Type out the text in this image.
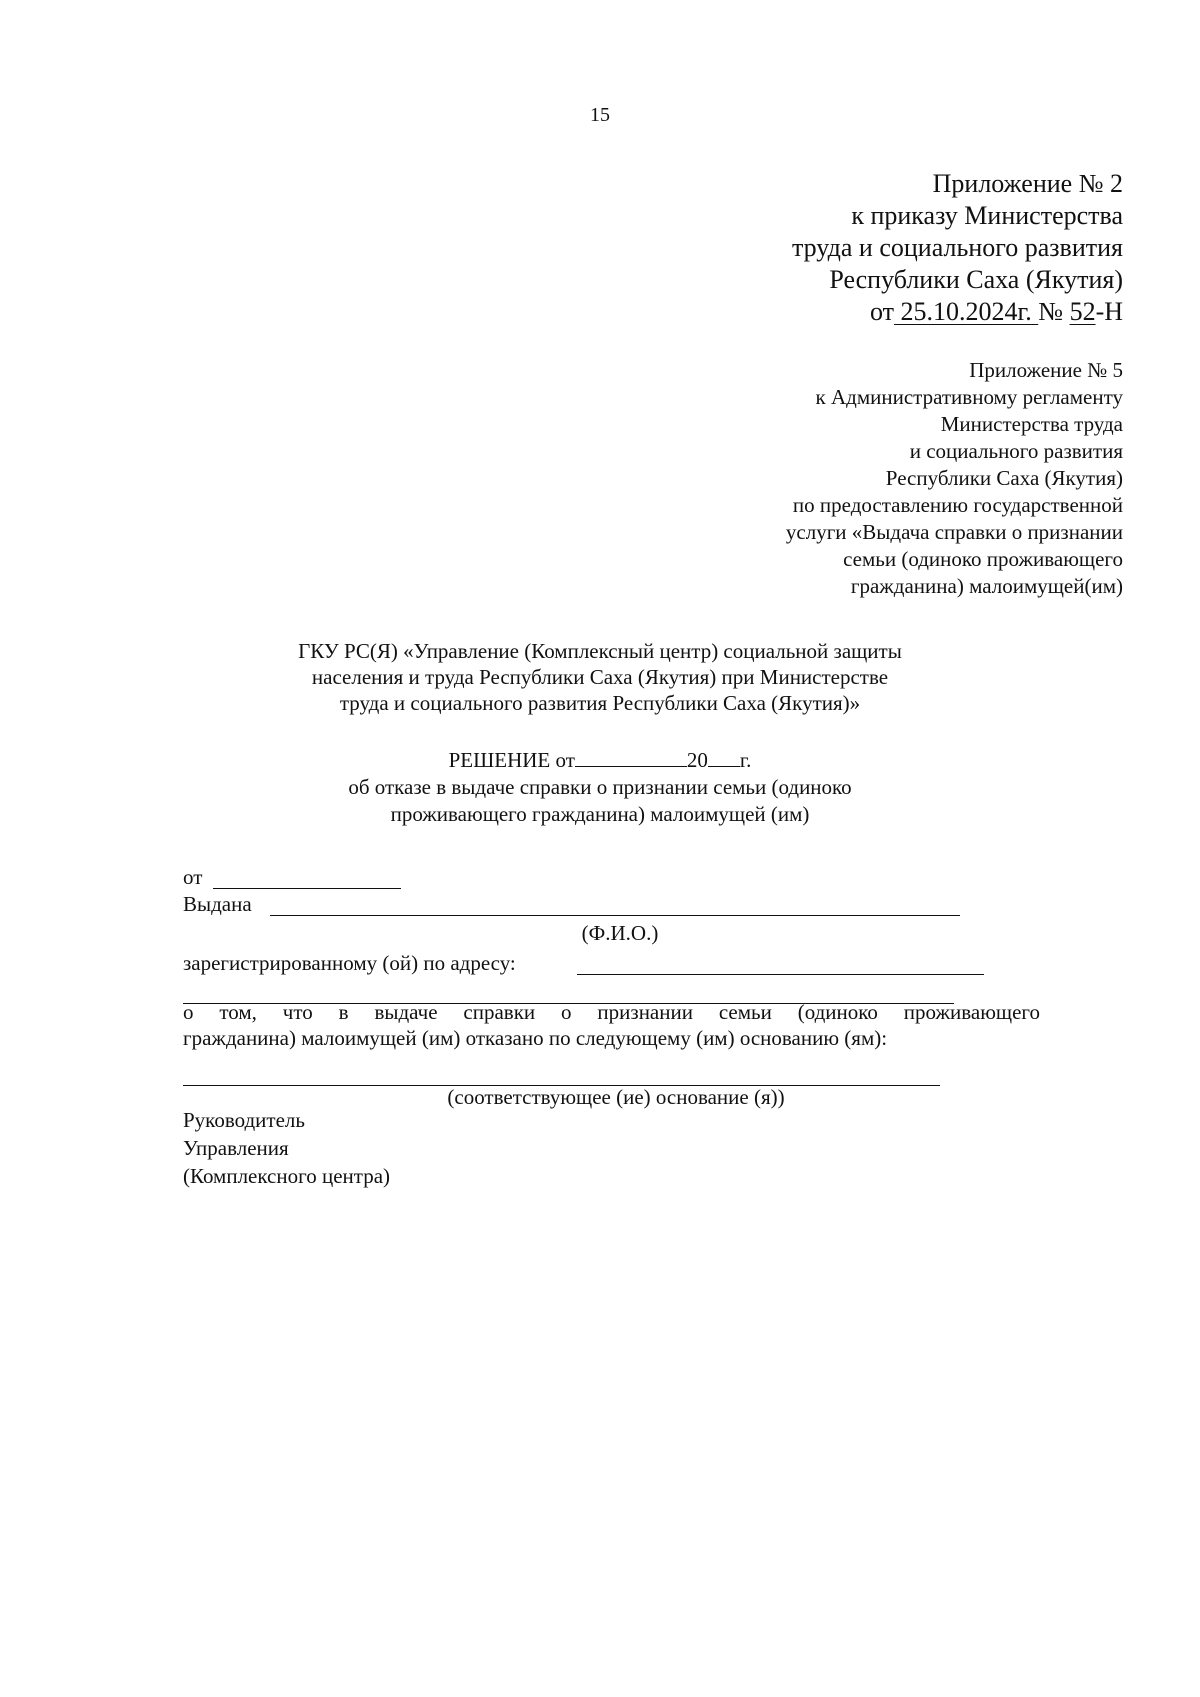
15
Приложение № 2
к приказу Министерства
труда и социального развития
Республики Саха (Якутия)
от 25.10.2024г. № 52-Н
Приложение № 5
к Административному регламенту
Министерства труда
и социального развития
Республики Саха (Якутия)
по предоставлению государственной
услуги «Выдача справки о признании
семьи (одиноко проживающего
гражданина) малоимущей(им)
ГКУ РС(Я) «Управление (Комплексный центр) социальной защиты
населения и труда Республики Саха (Якутия) при Министерстве
труда и социального развития Республики Саха (Якутия)»
РЕШЕНИЕ от	20 г.
об отказе в выдаче справки о признании семьи (одиноко
проживающего гражданина) малоимущей (им)
от
Выдана
(Ф.И.О.)
зарегистрированному (ой) по адресу:
о том, что в выдаче справки о признании семьи (одиноко проживающего
гражданина) малоимущей (им) отказано по следующему (им) основанию (ям):
(соответствующее (ие) основание (я))
Руководитель
Управления
(Комплексного центра)
